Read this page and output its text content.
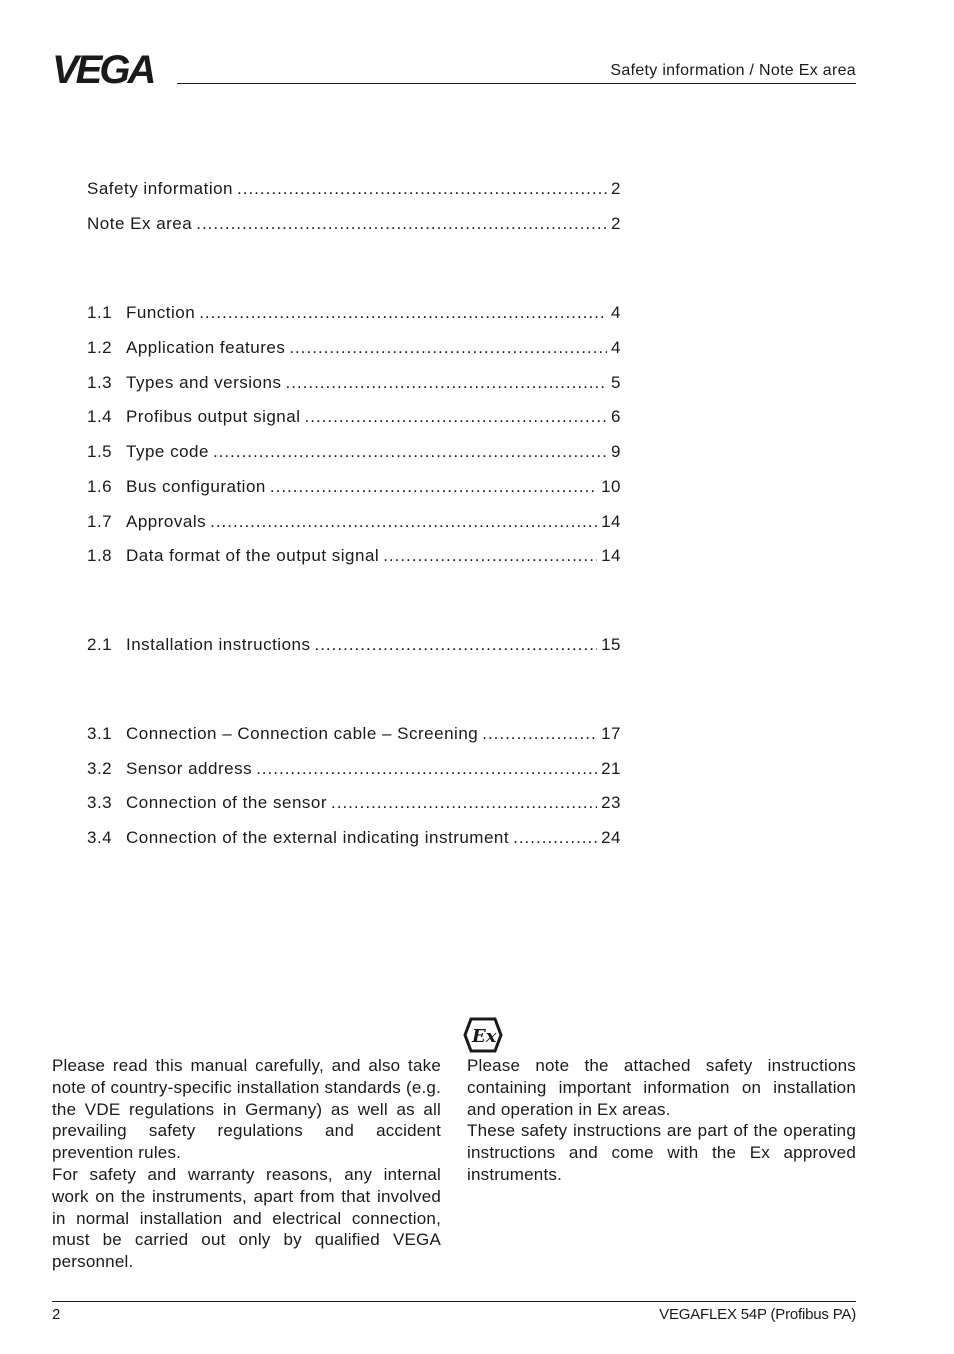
VEGA	Safety information / Note Ex area
Safety information .....	2
Note Ex area .....	2
1.1 Function .....	4
1.2 Application features .....	4
1.3 Types and versions .....	5
1.4 Profibus output signal .....	6
1.5 Type code .....	9
1.6 Bus configuration .....	10
1.7 Approvals .....	14
1.8 Data format of the output signal .....	14
2.1 Installation instructions .....	15
3.1 Connection – Connection cable – Screening .....	17
3.2 Sensor address .....	21
3.3 Connection of the sensor .....	23
3.4 Connection of the external indicating instrument .....	24

Please read this manual carefully, and also take note of country-specific installation standards (e.g. the VDE regulations in Germany) as well as all prevailing safety regulations and accident prevention rules.

For safety and warranty reasons, any internal work on the instruments, apart from that involved in normal installation and electrical connection, must be carried out only by qualified VEGA personnel.

Ex

Please note the attached safety instructions containing important information on installation and operation in Ex areas.

These safety instructions are part of the operating instructions and come with the Ex approved instruments.

2	VEGAFLEX 54P (Profibus PA)
